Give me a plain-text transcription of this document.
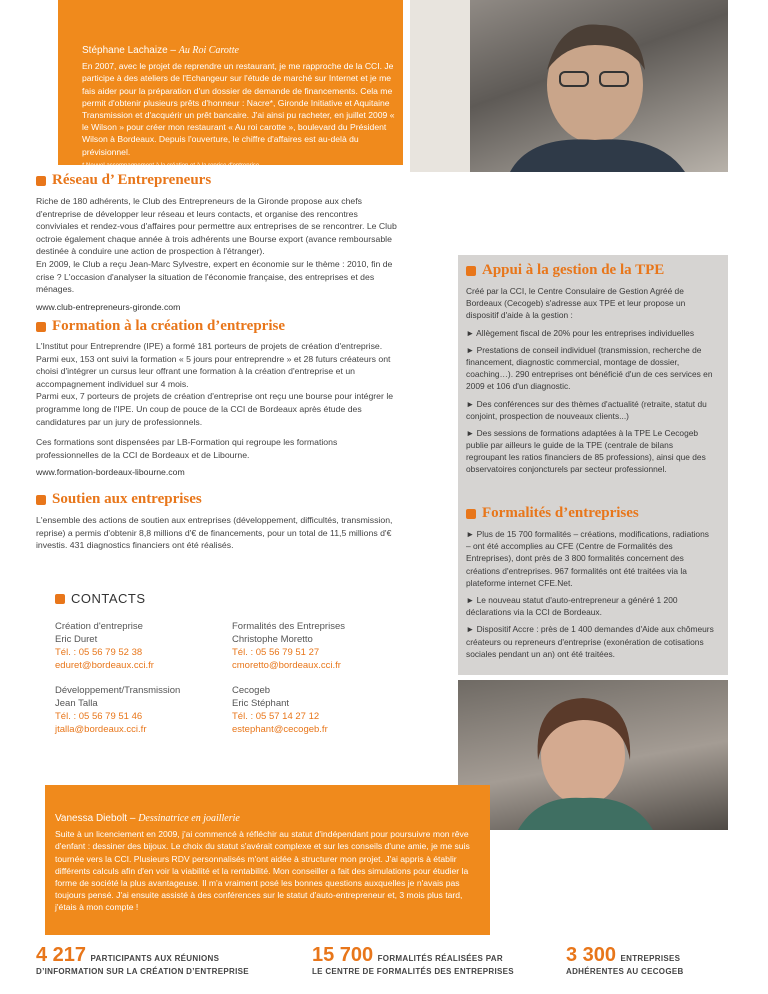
Stéphane Lachaize – Au Roi Carotte
En 2007, avec le projet de reprendre un restaurant, je me rapproche de la CCI. Je participe à des ateliers de l'Echangeur sur l'étude de marché sur Internet et je me fais aider pour la préparation d'un dossier de demande de financements. Cela me permit d'obtenir plusieurs prêts d'honneur : Nacre*, Gironde Initiative et Aquitaine Transmission et d'acquérir un prêt bancaire. J'ai ainsi pu racheter, en juillet 2009 « le Wilson » pour créer mon restaurant « Au roi carotte », boulevard du Président Wilson à Bordeaux. Depuis l'ouverture, le chiffre d'affaires est au-delà du prévisionnel.
* Nouvel accompagnement à la création et à la reprise d'entreprise
Réseau d’ Entrepreneurs
Riche de 180 adhérents, le Club des Entrepreneurs de la Gironde propose aux chefs d'entreprise de développer leur réseau et leurs contacts, et organise des rencontres conviviales et rendez-vous d'affaires pour permettre aux entreprises de se rencontrer. Le Club octroie également chaque année à trois adhérents une Bourse export (avance remboursable destinée à conduire une action de prospection à l'étranger).
En 2009, le Club a reçu Jean-Marc Sylvestre, expert en économie sur le thème : 2010, fin de crise ? L'occasion d'analyser la situation de l'économie française, des entreprises et des ménages.
www.club-entrepreneurs-gironde.com
Formation à la création d’entreprise
L'Institut pour Entreprendre (IPE) a formé 181 porteurs de projets de création d'entreprise. Parmi eux, 153 ont suivi la formation « 5 jours pour entreprendre » et 28 futurs créateurs ont choisi d'intégrer un cursus leur offrant une formation à la création d'entreprise et un accompagnement individuel sur 4 mois.
Parmi eux, 7 porteurs de projets de création d'entreprise ont reçu une bourse pour intégrer le programme long de l'IPE. Un coup de pouce de la CCI de Bordeaux après étude des candidatures par un jury de professionnels.
Ces formations sont dispensées par LB-Formation qui regroupe les formations professionnelles de la CCI de Bordeaux et de Libourne.
www.formation-bordeaux-libourne.com
Soutien aux entreprises
L'ensemble des actions de soutien aux entreprises (développement, difficultés, transmission, reprise) a permis d'obtenir 8,8 millions d'€ de financements, pour un total de 11,5 millions d'€ investis. 431 diagnostics financiers ont été réalisés.
CONTACTS
Création d'entreprise
Eric Duret
Tél. : 05 56 79 52 38
eduret@bordeaux.cci.fr
Formalités des Entreprises
Christophe Moretto
Tél. : 05 56 79 51 27
cmoretto@bordeaux.cci.fr
Développement/Transmission
Jean Talla
Tél. : 05 56 79 51 46
jtalla@bordeaux.cci.fr
Cecogeb
Eric Stéphant
Tél. : 05 57 14 27 12
estephant@cecogeb.fr
Appui à la gestion de la TPE
Créé par la CCI, le Centre Consulaire de Gestion Agréé de Bordeaux (Cecogeb) s'adresse aux TPE et leur propose un dispositif d'aide à la gestion :
► Allègement fiscal de 20% pour les entreprises individuelles
► Prestations de conseil individuel (transmission, recherche de financement, diagnostic commercial, montage de dossier, coaching…). 290 entreprises ont bénéficié d'un de ces services en 2009 et 106 d'un diagnostic.
► Des conférences sur des thèmes d'actualité (retraite, statut du conjoint, prospection de nouveaux clients...)
► Des sessions de formations adaptées à la TPE Le Cecogeb publie par ailleurs le guide de la TPE (centrale de bilans regroupant les ratios financiers de 85 professions), ainsi que des observatoires conjoncturels par secteur professionnel.
Formalités d’entreprises
► Plus de 15 700 formalités – créations, modifications, radiations – ont été accomplies au CFE (Centre de Formalités des Entreprises), dont près de 3 800 formalités concernent des créations d'entreprises. 967 formalités ont été traitées via la plateforme internet CFE.Net.
► Le nouveau statut d'auto-entrepreneur a généré 1 200 déclarations via la CCI de Bordeaux.
► Dispositif Accre : près de 1 400 demandes d'Aide aux chômeurs créateurs ou repreneurs d'entreprise (exonération de cotisations sociales pendant un an) ont été traitées.
Vanessa Diebolt – Dessinatrice en joaillerie
Suite à un licenciement en 2009, j'ai commencé à réfléchir au statut d'indépendant pour poursuivre mon rêve d'enfant : dessiner des bijoux. Le choix du statut s'avérait complexe et sur les conseils d'une amie, je me suis tournée vers la CCI. Plusieurs RDV personnalisés m'ont aidée à structurer mon projet. J'ai appris à établir différents calculs afin d'en voir la viabilité et la rentabilité. Mon conseiller a fait des simulations pour étudier la forme de société la plus avantageuse. Il m'a vraiment posé les bonnes questions auxquelles je n'avais pas toujours pensé. J'ai ensuite assisté à des conférences sur le statut d'auto-entrepreneur et, 3 mois plus tard, j'étais à mon compte !
4 217 PARTICIPANTS AUX RÉUNIONS
D’INFORMATION SUR LA CRÉATION D’ENTREPRISE
15 700 FORMALITÉS RÉALISÉES PAR
LE CENTRE DE FORMALITÉS DES ENTREPRISES
3 300 ENTREPRISES
ADHÉRENTES AU CECOGEB
